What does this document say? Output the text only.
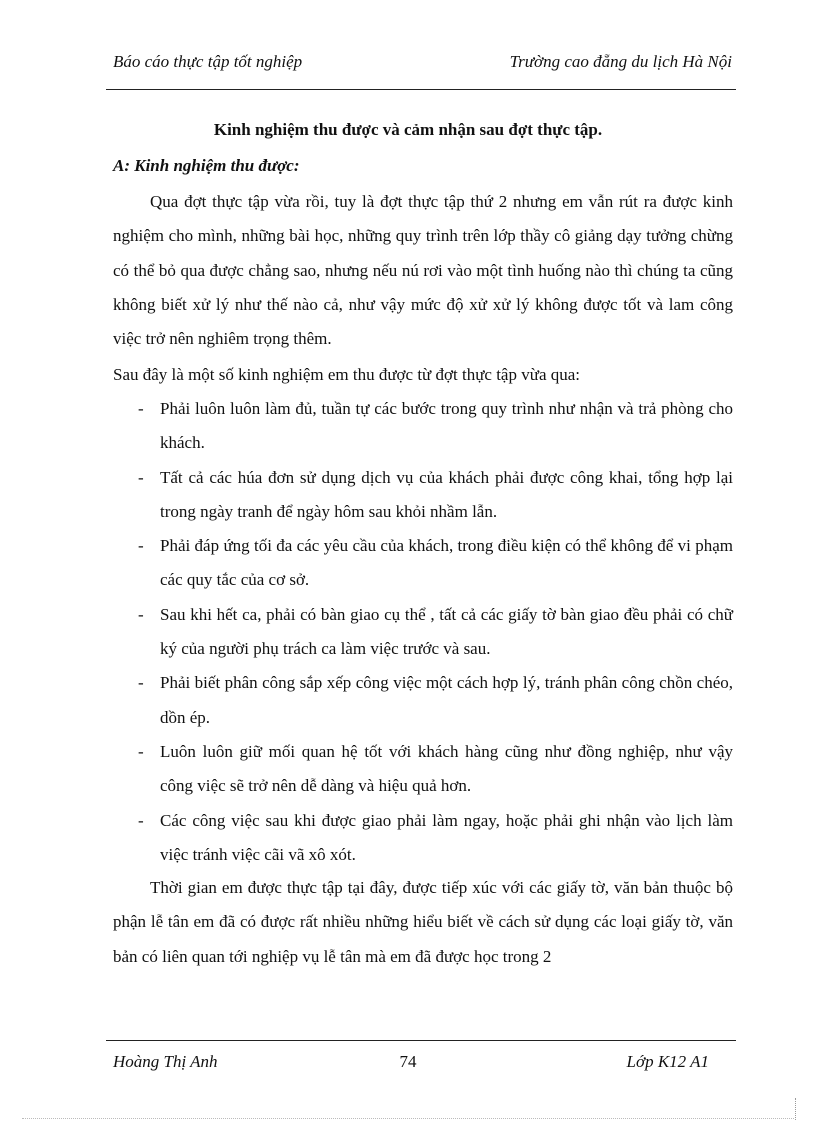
Báo cáo thực tập tốt nghiệp	Trường cao đẵng du lịch Hà Nội
Kinh nghiệm thu được và cảm nhận sau đợt thực tập.
A: Kinh nghiệm thu được:
Qua đợt thực tập vừa rồi, tuy là đợt thực tập thứ 2 nhưng em vẫn rút ra được kinh nghiệm cho mình, những bài học, những quy trình trên lớp thầy cô giảng dạy tưởng chừng có thể bỏ qua được chẳng sao, nhưng nếu nú rơi vào một tình huống nào thì chúng ta cũng không biết xử lý như thế nào cả, như vậy mức độ xử xử lý không được tốt và lam công việc trở nên nghiêm trọng thêm.
Sau đây là một số kinh nghiệm em thu được từ đợt thực tập vừa qua:
- Phải luôn luôn làm đủ, tuần tự các bước trong quy trình như nhận và trả phòng cho khách.
- Tất cả các húa đơn sử dụng dịch vụ của khách phải được công khai, tổng hợp lại trong ngày tranh để ngày hôm sau khỏi nhầm lẫn.
- Phải đáp ứng tối đa các yêu cầu của khách, trong điều kiện có thể không để vi phạm các quy tắc của cơ sở.
- Sau khi hết ca, phải có bàn giao cụ thể , tất cả các giấy tờ bàn giao đều phải có chữ ký của người phụ trách ca làm việc trước và sau.
- Phải biết phân công sắp xếp công việc một cách hợp lý, tránh phân công chồn chéo, dồn ép.
- Luôn luôn giữ mối quan hệ tốt với khách hàng cũng như đồng nghiệp, như vậy công việc sẽ trở nên dễ dàng và hiệu quả hơn.
- Các công việc sau khi được giao phải làm ngay, hoặc phải ghi nhận vào lịch làm việc tránh việc cãi vã xô xót.
Thời gian em được thực tập tại đây, được tiếp xúc với các giấy tờ, văn bản thuộc bộ phận lễ tân em đã có được rất nhiều những hiểu biết về cách sử dụng các loại giấy tờ, văn bản có liên quan tới nghiệp vụ lễ tân mà em đã được học trong 2
Hoàng Thị Anh	74	Lớp K12 A1
